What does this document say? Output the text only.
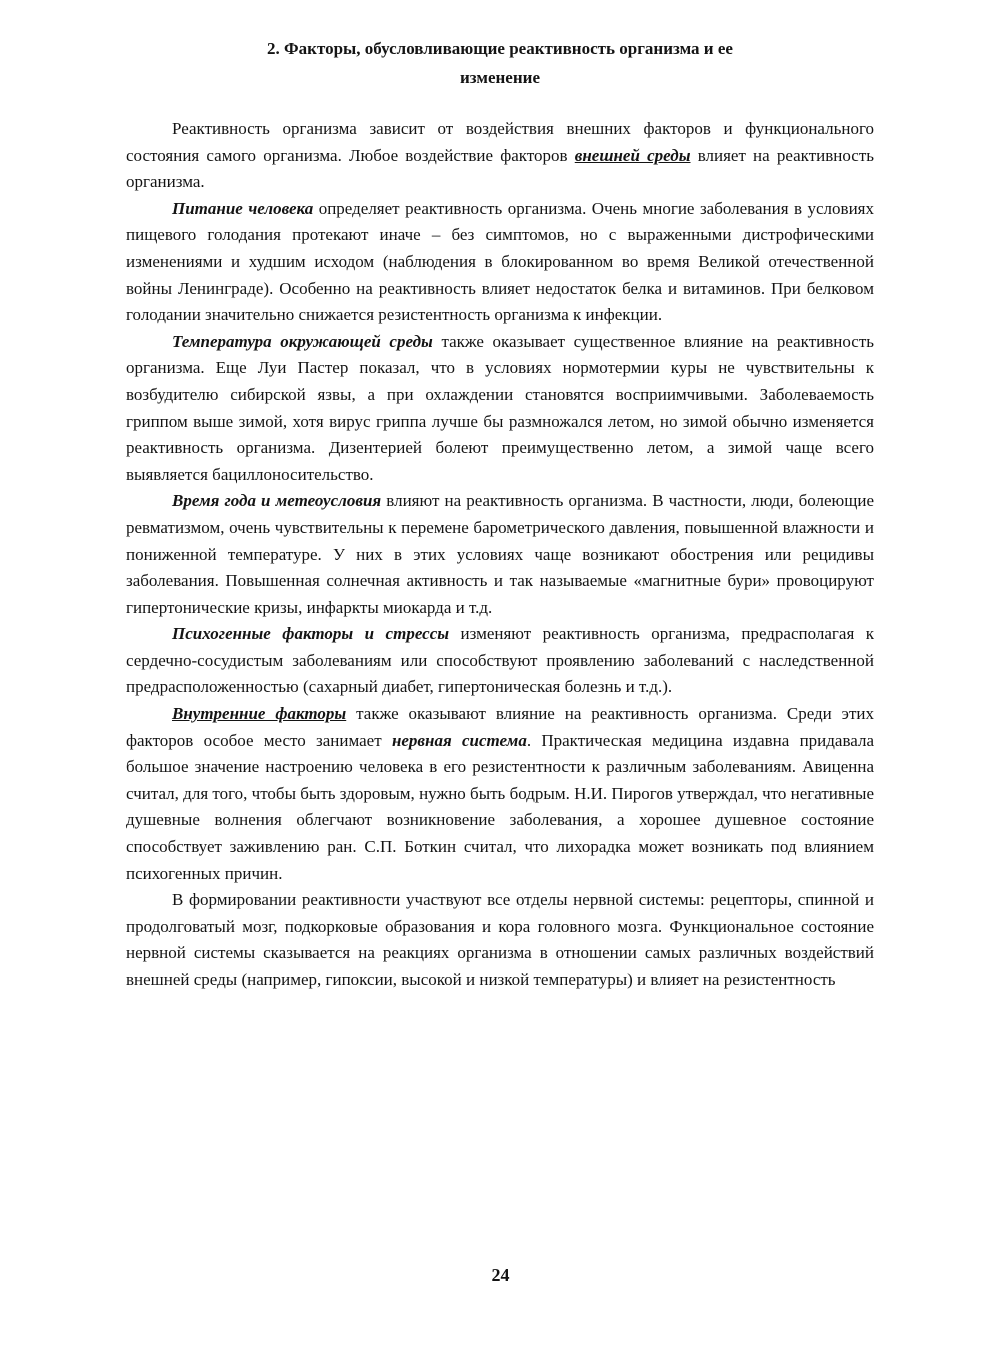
2. Факторы, обусловливающие реактивность организма и ее
изменение

Реактивность организма зависит от воздействия внешних факторов и функционального состояния самого организма. Любое воздействие факторов внешней среды влияет на реактивность организма.

Питание человека определяет реактивность организма. Очень многие заболевания в условиях пищевого голодания протекают иначе – без симптомов, но с выраженными дистрофическими изменениями и худшим исходом (наблюдения в блокированном во время Великой отечественной войны Ленинграде). Особенно на реактивность влияет недостаток белка и витаминов. При белковом голодании значительно снижается резистентность организма к инфекции.

Температура окружающей среды также оказывает существенное влияние на реактивность организма. Еще Луи Пастер показал, что в условиях нормотермии куры не чувствительны к возбудителю сибирской язвы, а при охлаждении становятся восприимчивыми. Заболеваемость гриппом выше зимой, хотя вирус гриппа лучше бы размножался летом, но зимой обычно изменяется реактивность организма. Дизентерией болеют преимущественно летом, а зимой чаще всего выявляется бациллоносительство.

Время года и метеоусловия влияют на реактивность организма. В частности, люди, болеющие ревматизмом, очень чувствительны к перемене барометрического давления, повышенной влажности и пониженной температуре. У них в этих условиях чаще возникают обострения или рецидивы заболевания. Повышенная солнечная активность и так называемые «магнитные бури» провоцируют гипертонические кризы, инфаркты миокарда и т.д.

Психогенные факторы и стрессы изменяют реактивность организма, предрасполагая к сердечно-сосудистым заболеваниям или способствуют проявлению заболеваний с наследственной предрасположенностью (сахарный диабет, гипертоническая болезнь и т.д.).

Внутренние факторы также оказывают влияние на реактивность организма. Среди этих факторов особое место занимает нервная система. Практическая медицина издавна придавала большое значение настроению человека в его резистентности к различным заболеваниям. Авиценна считал, для того, чтобы быть здоровым, нужно быть бодрым. Н.И. Пирогов утверждал, что негативные душевные волнения облегчают возникновение заболевания, а хорошее душевное состояние способствует заживлению ран. С.П. Боткин считал, что лихорадка может возникать под влиянием психогенных причин.

В формировании реактивности участвуют все отделы нервной системы: рецепторы, спинной и продолговатый мозг, подкорковые образования и кора головного мозга. Функциональное состояние нервной системы сказывается на реакциях организма в отношении самых различных воздействий внешней среды (например, гипоксии, высокой и низкой температуры) и влияет на резистентность

24
